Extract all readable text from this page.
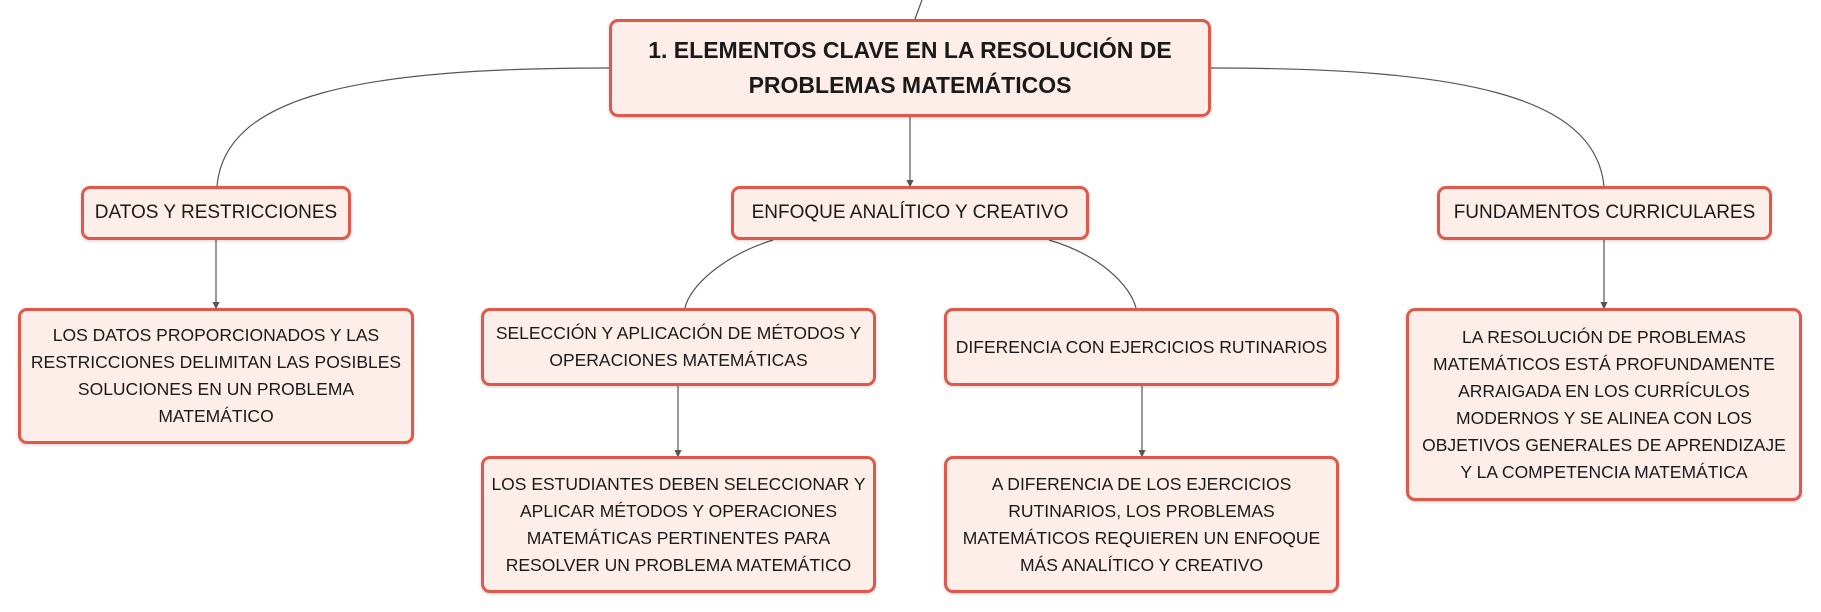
1. ELEMENTOS CLAVE EN LA RESOLUCIÓN DE PROBLEMAS MATEMÁTICOS
DATOS Y RESTRICCIONES	ENFOQUE ANALÍTICO Y CREATIVO	FUNDAMENTOS CURRICULARES
LOS DATOS PROPORCIONADOS Y LAS RESTRICCIONES DELIMITAN LAS POSIBLES SOLUCIONES EN UN PROBLEMA MATEMÁTICO
SELECCIÓN Y APLICACIÓN DE MÉTODOS Y OPERACIONES MATEMÁTICAS
DIFERENCIA CON EJERCICIOS RUTINARIOS	LA RESOLUCIÓN DE PROBLEMAS MATEMÁTICOS ESTÁ PROFUNDAMENTE ARRAIGADA EN LOS CURRÍCULOS MODERNOS Y SE ALINEA CON LOS OBJETIVOS GENERALES DE APRENDIZAJE Y LA COMPETENCIA MATEMÁTICA
LOS ESTUDIANTES DEBEN SELECCIONAR Y APLICAR MÉTODOS Y OPERACIONES MATEMÁTICAS PERTINENTES PARA RESOLVER UN PROBLEMA MATEMÁTICO
A DIFERENCIA DE LOS EJERCICIOS RUTINARIOS, LOS PROBLEMAS MATEMÁTICOS REQUIEREN UN ENFOQUE MÁS ANALÍTICO Y CREATIVO
